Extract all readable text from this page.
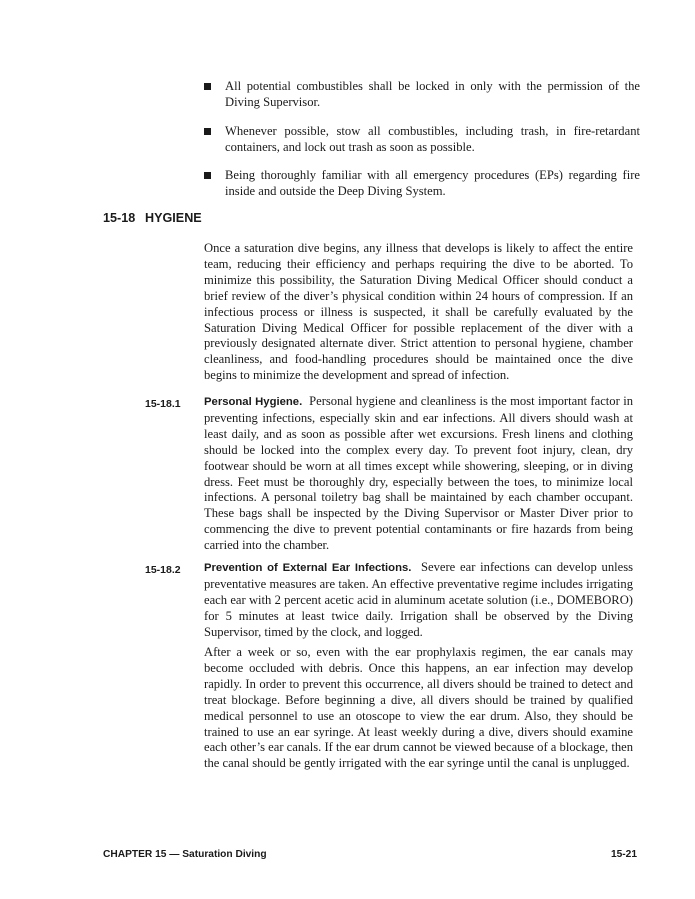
All potential combustibles shall be locked in only with the permission of the Diving Supervisor.
Whenever possible, stow all combustibles, including trash, in fire-retardant containers, and lock out trash as soon as possible.
Being thoroughly familiar with all emergency procedures (EPs) regarding fire inside and outside the Deep Diving System.
15-18 HYGIENE
Once a saturation dive begins, any illness that develops is likely to affect the entire team, reducing their efficiency and perhaps requiring the dive to be aborted. To minimize this possibility, the Saturation Diving Medical Officer should conduct a brief review of the diver’s physical condition within 24 hours of compression. If an infectious process or illness is suspected, it shall be carefully evaluated by the Saturation Diving Medical Officer for possible replacement of the diver with a previously designated alternate diver. Strict attention to personal hygiene, chamber cleanliness, and food-handling procedures should be maintained once the dive begins to minimize the development and spread of infection.
15-18.1 Personal Hygiene. Personal hygiene and cleanliness is the most important factor in preventing infections, especially skin and ear infections. All divers should wash at least daily, and as soon as possible after wet excursions. Fresh linens and clothing should be locked into the complex every day. To prevent foot injury, clean, dry footwear should be worn at all times except while showering, sleeping, or in diving dress. Feet must be thoroughly dry, especially between the toes, to minimize local infections. A personal toiletry bag shall be maintained by each chamber occupant. These bags shall be inspected by the Diving Supervisor or Master Diver prior to commencing the dive to prevent potential contaminants or fire hazards from being carried into the chamber.
15-18.2 Prevention of External Ear Infections. Severe ear infections can develop unless preventative measures are taken. An effective preventative regime includes irrigating each ear with 2 percent acetic acid in aluminum acetate solution (i.e., DOMEBORO) for 5 minutes at least twice daily. Irrigation shall be observed by the Diving Supervisor, timed by the clock, and logged.
After a week or so, even with the ear prophylaxis regimen, the ear canals may become occluded with debris. Once this happens, an ear infection may develop rapidly. In order to prevent this occurrence, all divers should be trained to detect and treat blockage. Before beginning a dive, all divers should be trained by qualified medical personnel to use an otoscope to view the ear drum. Also, they should be trained to use an ear syringe. At least weekly during a dive, divers should examine each other’s ear canals. If the ear drum cannot be viewed because of a blockage, then the canal should be gently irrigated with the ear syringe until the canal is unplugged.
CHAPTER 15 — Saturation Diving	15-21
